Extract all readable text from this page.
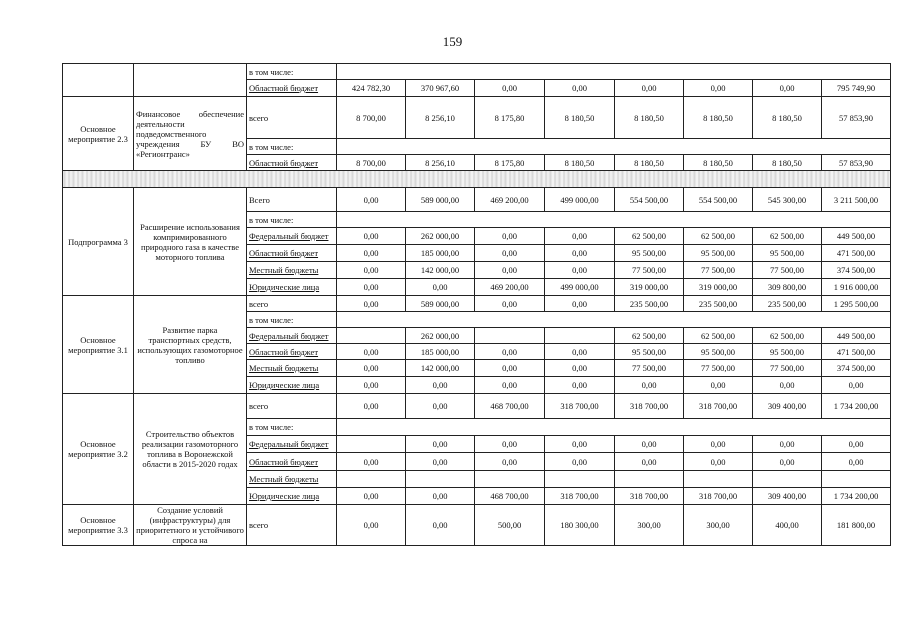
159
		в том числе:								
		Областной бюджет	424 782,30	370 967,60	0,00	0,00	0,00	0,00	0,00	795 749,90
Основное мероприятие 2.3	Финансовое обеспечение деятельности подведомственного учреждения БУ ВО «Регионтранс»	всего	8 700,00	8 256,10	8 175,80	8 180,50	8 180,50	8 180,50	8 180,50	57 853,90
		в том числе:								
		Областной бюджет	8 700,00	8 256,10	8 175,80	8 180,50	8 180,50	8 180,50	8 180,50	57 853,90

Подпрограмма 3	Расширение использования компримированного природного газа в качестве моторного топлива	Всего	0,00	589 000,00	469 200,00	499 000,00	554 500,00	554 500,00	545 300,00	3 211 500,00
		в том числе:								
		Федеральный бюджет	0,00	262 000,00	0,00	0,00	62 500,00	62 500,00	62 500,00	449 500,00
		Областной бюджет	0,00	185 000,00	0,00	0,00	95 500,00	95 500,00	95 500,00	471 500,00
		Местный бюджеты	0,00	142 000,00	0,00	0,00	77 500,00	77 500,00	77 500,00	374 500,00
		Юридические лица	0,00	0,00	469 200,00	499 000,00	319 000,00	319 000,00	309 800,00	1 916 000,00
Основное мероприятие 3.1	Развитие парка транспортных средств, использующих газомоторное топливо	всего	0,00	589 000,00	0,00	0,00	235 500,00	235 500,00	235 500,00	1 295 500,00
		в том числе:								
		Федеральный бюджет		262 000,00			62 500,00	62 500,00	62 500,00	449 500,00
		Областной бюджет	0,00	185 000,00	0,00	0,00	95 500,00	95 500,00	95 500,00	471 500,00
		Местный бюджеты	0,00	142 000,00	0,00	0,00	77 500,00	77 500,00	77 500,00	374 500,00
		Юридические лица	0,00	0,00	0,00	0,00	0,00	0,00	0,00	0,00
Основное мероприятие 3.2	Строительство объектов реализации газомоторного топлива в Воронежской области в 2015-2020 годах	всего	0,00	0,00	468 700,00	318 700,00	318 700,00	318 700,00	309 400,00	1 734 200,00
		в том числе:								
		Федеральный бюджет		0,00	0,00	0,00	0,00	0,00	0,00	0,00
		Областной бюджет	0,00	0,00	0,00	0,00	0,00	0,00	0,00	0,00
		Местный бюджеты								
		Юридические лица	0,00	0,00	468 700,00	318 700,00	318 700,00	318 700,00	309 400,00	1 734 200,00
Основное мероприятие 3.3	Создание условий (инфраструктуры) для приоритетного и устойчивого спроса на	всего	0,00	0,00	500,00	180 300,00	300,00	300,00	400,00	181 800,00
